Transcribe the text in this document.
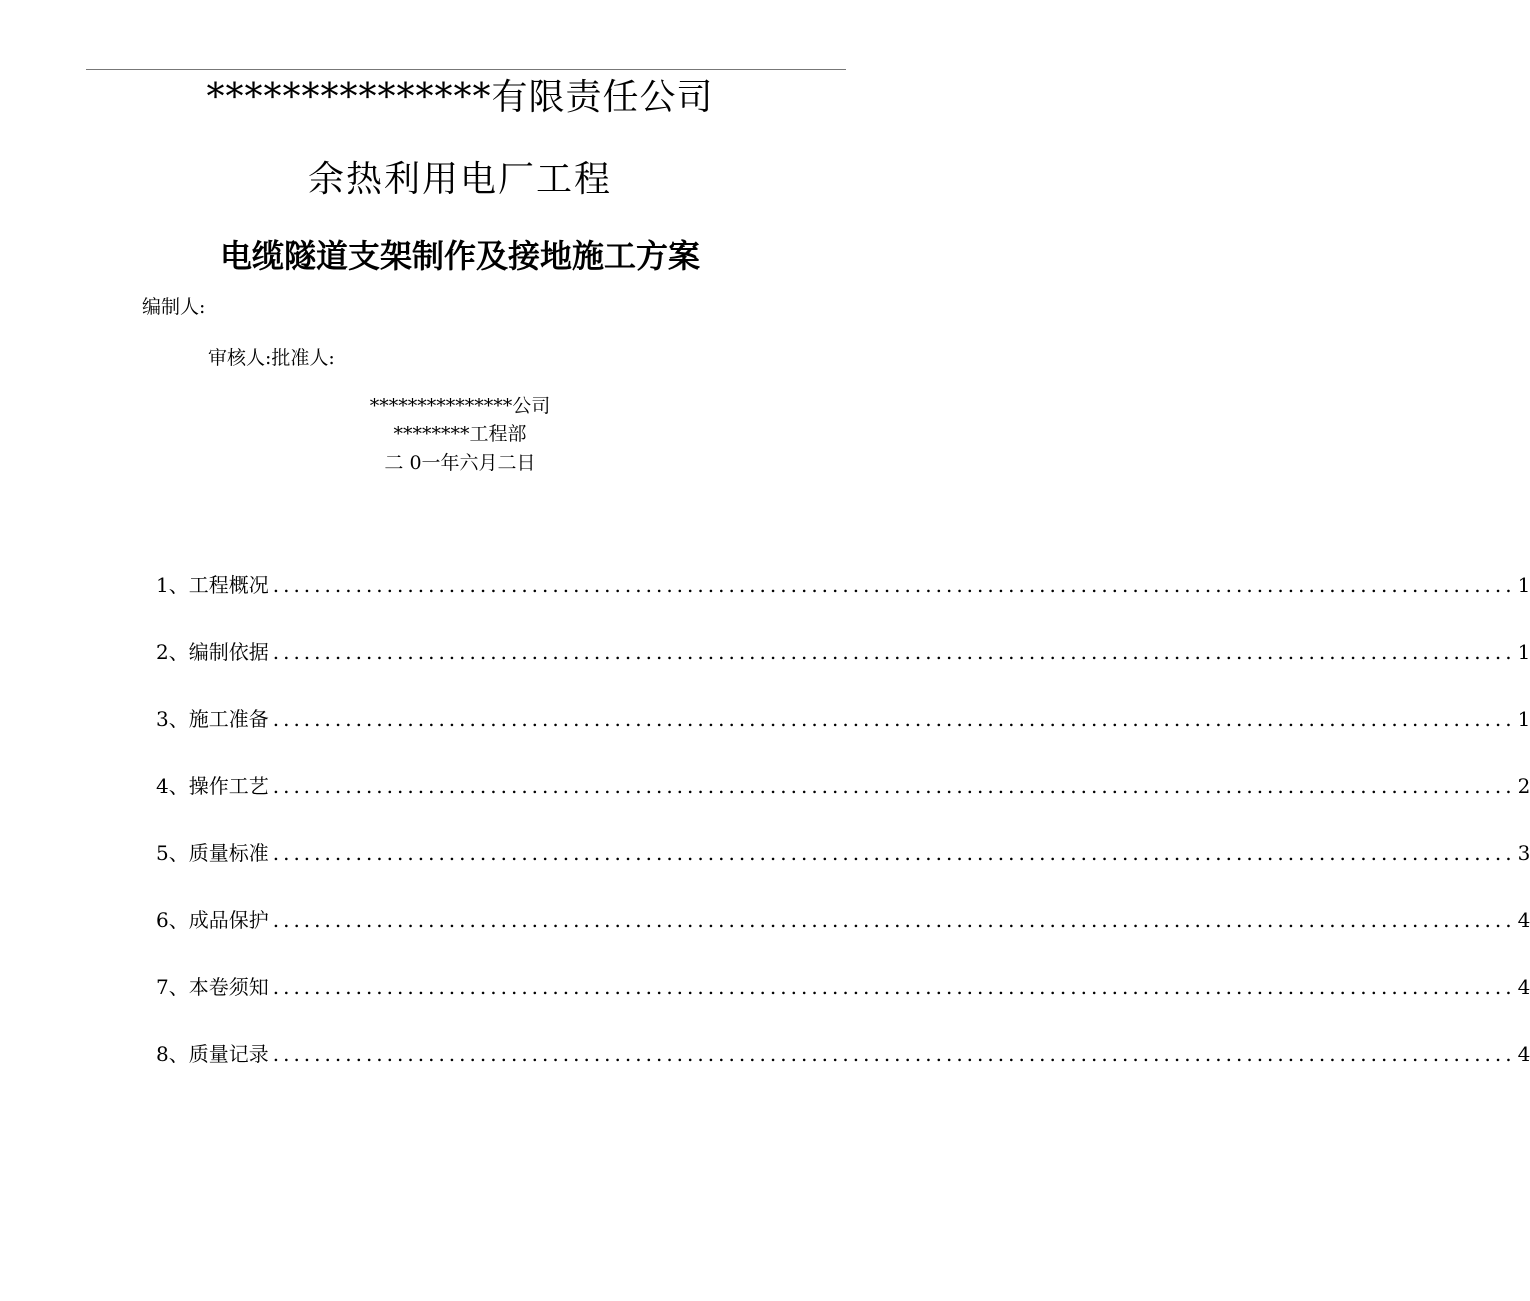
***************有限责任公司
余热利用电厂工程
电缆隧道支架制作及接地施工方案
编制人:
审核人:批准人:
***************公司
********工程部
二 0一年六月二日
1、工程概况 ........................................................................................................................ 1
2、编制依据 ........................................................................................................................ 1
3、施工准备 ........................................................................................................................ 1
4、操作工艺 ........................................................................................................................ 2
5、质量标准 ........................................................................................................................ 3
6、成品保护 ........................................................................................................................ 4
7、本卷须知 ........................................................................................................................ 4
8、质量记录 ........................................................................................................................ 4
